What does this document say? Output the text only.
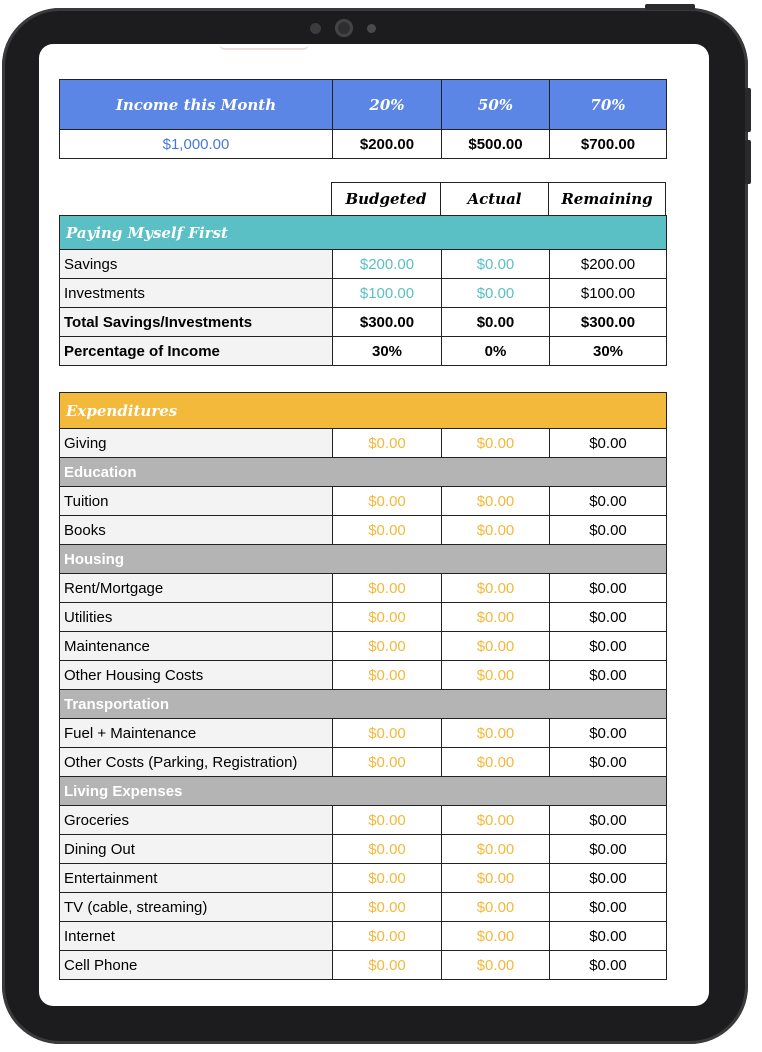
Income this Month	20%	50%	70%
$1,000.00	$200.00	$500.00	$700.00
Budgeted	Actual	Remaining
Paying Myself First			
Savings	$200.00	$0.00	$200.00
Investments	$100.00	$0.00	$100.00
Total Savings/Investments	$300.00	$0.00	$300.00
Percentage of Income	30%	0%	30%
Expenditures			
Giving	$0.00	$0.00	$0.00
Education			
Tuition	$0.00	$0.00	$0.00
Books	$0.00	$0.00	$0.00
Housing			
Rent/Mortgage	$0.00	$0.00	$0.00
Utilities	$0.00	$0.00	$0.00
Maintenance	$0.00	$0.00	$0.00
Other Housing Costs	$0.00	$0.00	$0.00
Transportation			
Fuel + Maintenance	$0.00	$0.00	$0.00
Other Costs (Parking, Registration)	$0.00	$0.00	$0.00
Living Expenses			
Groceries	$0.00	$0.00	$0.00
Dining Out	$0.00	$0.00	$0.00
Entertainment	$0.00	$0.00	$0.00
TV (cable, streaming)	$0.00	$0.00	$0.00
Internet	$0.00	$0.00	$0.00
Cell Phone	$0.00	$0.00	$0.00
